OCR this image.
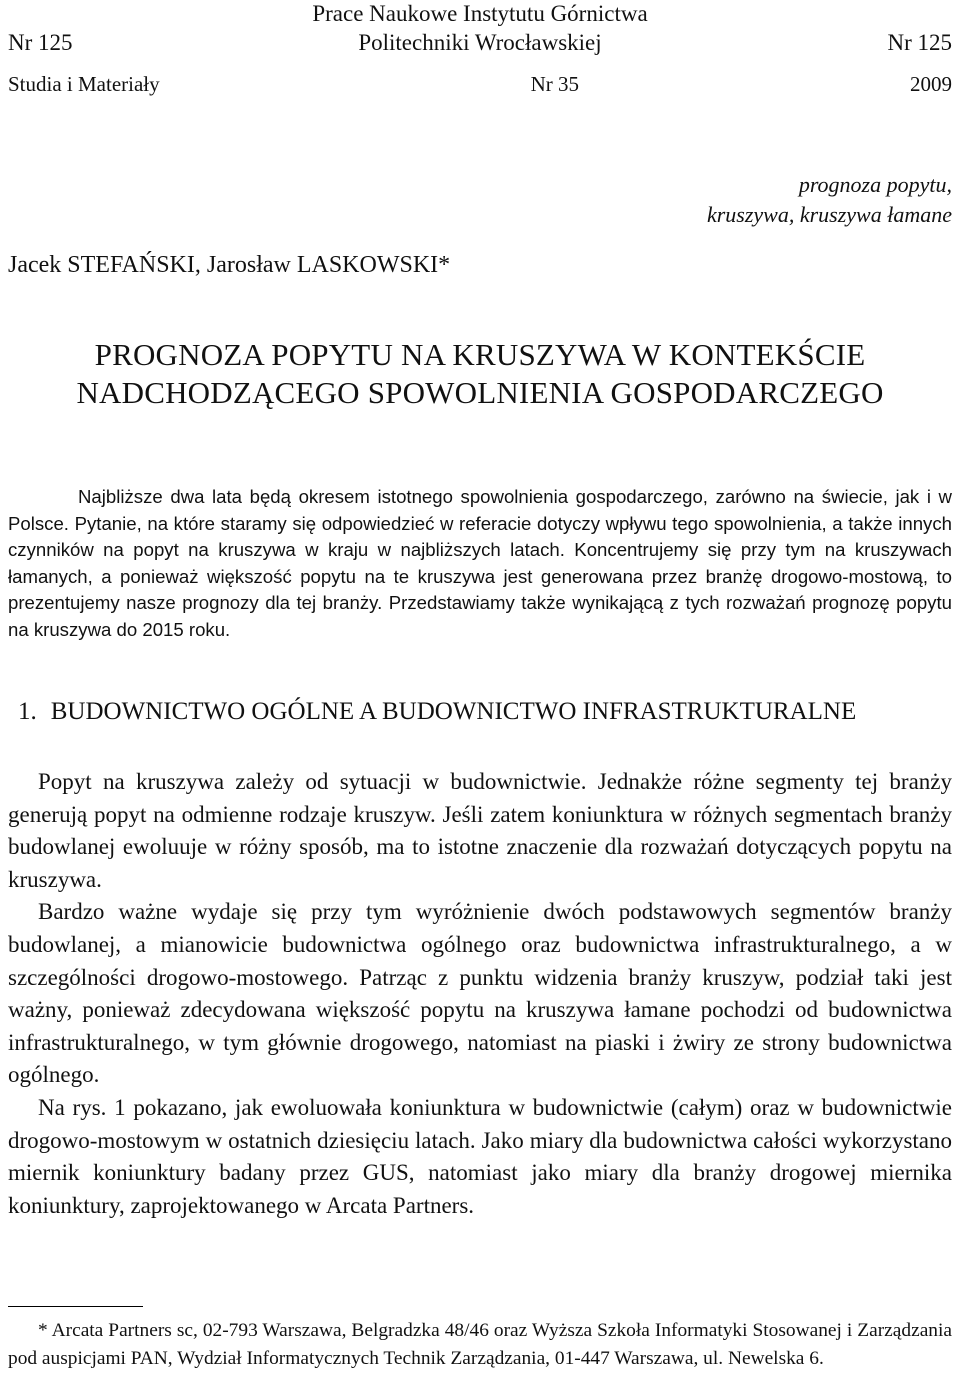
Prace Naukowe Instytutu Górnictwa
Nr 125	Politechniki Wrocławskiej	Nr 125
Studia i Materiały	Nr 35	2009
prognoza popytu,
kruszywa, kruszywa łamane
Jacek STEFAŃSKI, Jarosław LASKOWSKI*
PROGNOZA POPYTU NA KRUSZYWA W KONTEKŚCIE
NADCHODZĄCEGO SPOWOLNIENIA GOSPODARCZEGO
Najbliższe dwa lata będą okresem istotnego spowolnienia gospodarczego, zarówno na świecie, jak i w Polsce. Pytanie, na które staramy się odpowiedzieć w referacie dotyczy wpływu tego spowolnienia, a także innych czynników na popyt na kruszywa w kraju w najbliższych latach. Koncentrujemy się przy tym na kruszywach łamanych, a ponieważ większość popytu na te kruszywa jest generowana przez branżę drogowo-mostową, to prezentujemy nasze prognozy dla tej branży. Przedstawiamy także wynikającą z tych rozważań prognozę popytu na kruszywa do 2015 roku.
1. BUDOWNICTWO OGÓLNE A BUDOWNICTWO INFRASTRUKTURALNE

Popyt na kruszywa zależy od sytuacji w budownictwie. Jednakże różne segmenty tej branży generują popyt na odmienne rodzaje kruszyw. Jeśli zatem koniunktura w różnych segmentach branży budowlanej ewoluuje w różny sposób, ma to istotne znaczenie dla rozważań dotyczących popytu na kruszywa.

Bardzo ważne wydaje się przy tym wyróżnienie dwóch podstawowych segmentów branży budowlanej, a mianowicie budownictwa ogólnego oraz budownictwa infrastrukturalnego, a w szczególności drogowo-mostowego. Patrząc z punktu widzenia branży kruszyw, podział taki jest ważny, ponieważ zdecydowana większość popytu na kruszywa łamane pochodzi od budownictwa infrastrukturalnego, w tym głównie drogowego, natomiast na piaski i żwiry ze strony budownictwa ogólnego.

Na rys. 1 pokazano, jak ewoluowała koniunktura w budownictwie (całym) oraz w budownictwie drogowo-mostowym w ostatnich dziesięciu latach. Jako miary dla budownictwa całości wykorzystano miernik koniunktury badany przez GUS, natomiast jako miary dla branży drogowej miernika koniunktury, zaprojektowanego w Arcata Partners.

* Arcata Partners sc, 02-793 Warszawa, Belgradzka 48/46 oraz Wyższa Szkoła Informatyki Stosowanej i Zarządzania pod auspicjami PAN, Wydział Informatycznych Technik Zarządzania, 01-447 Warszawa, ul. Newelska 6.
